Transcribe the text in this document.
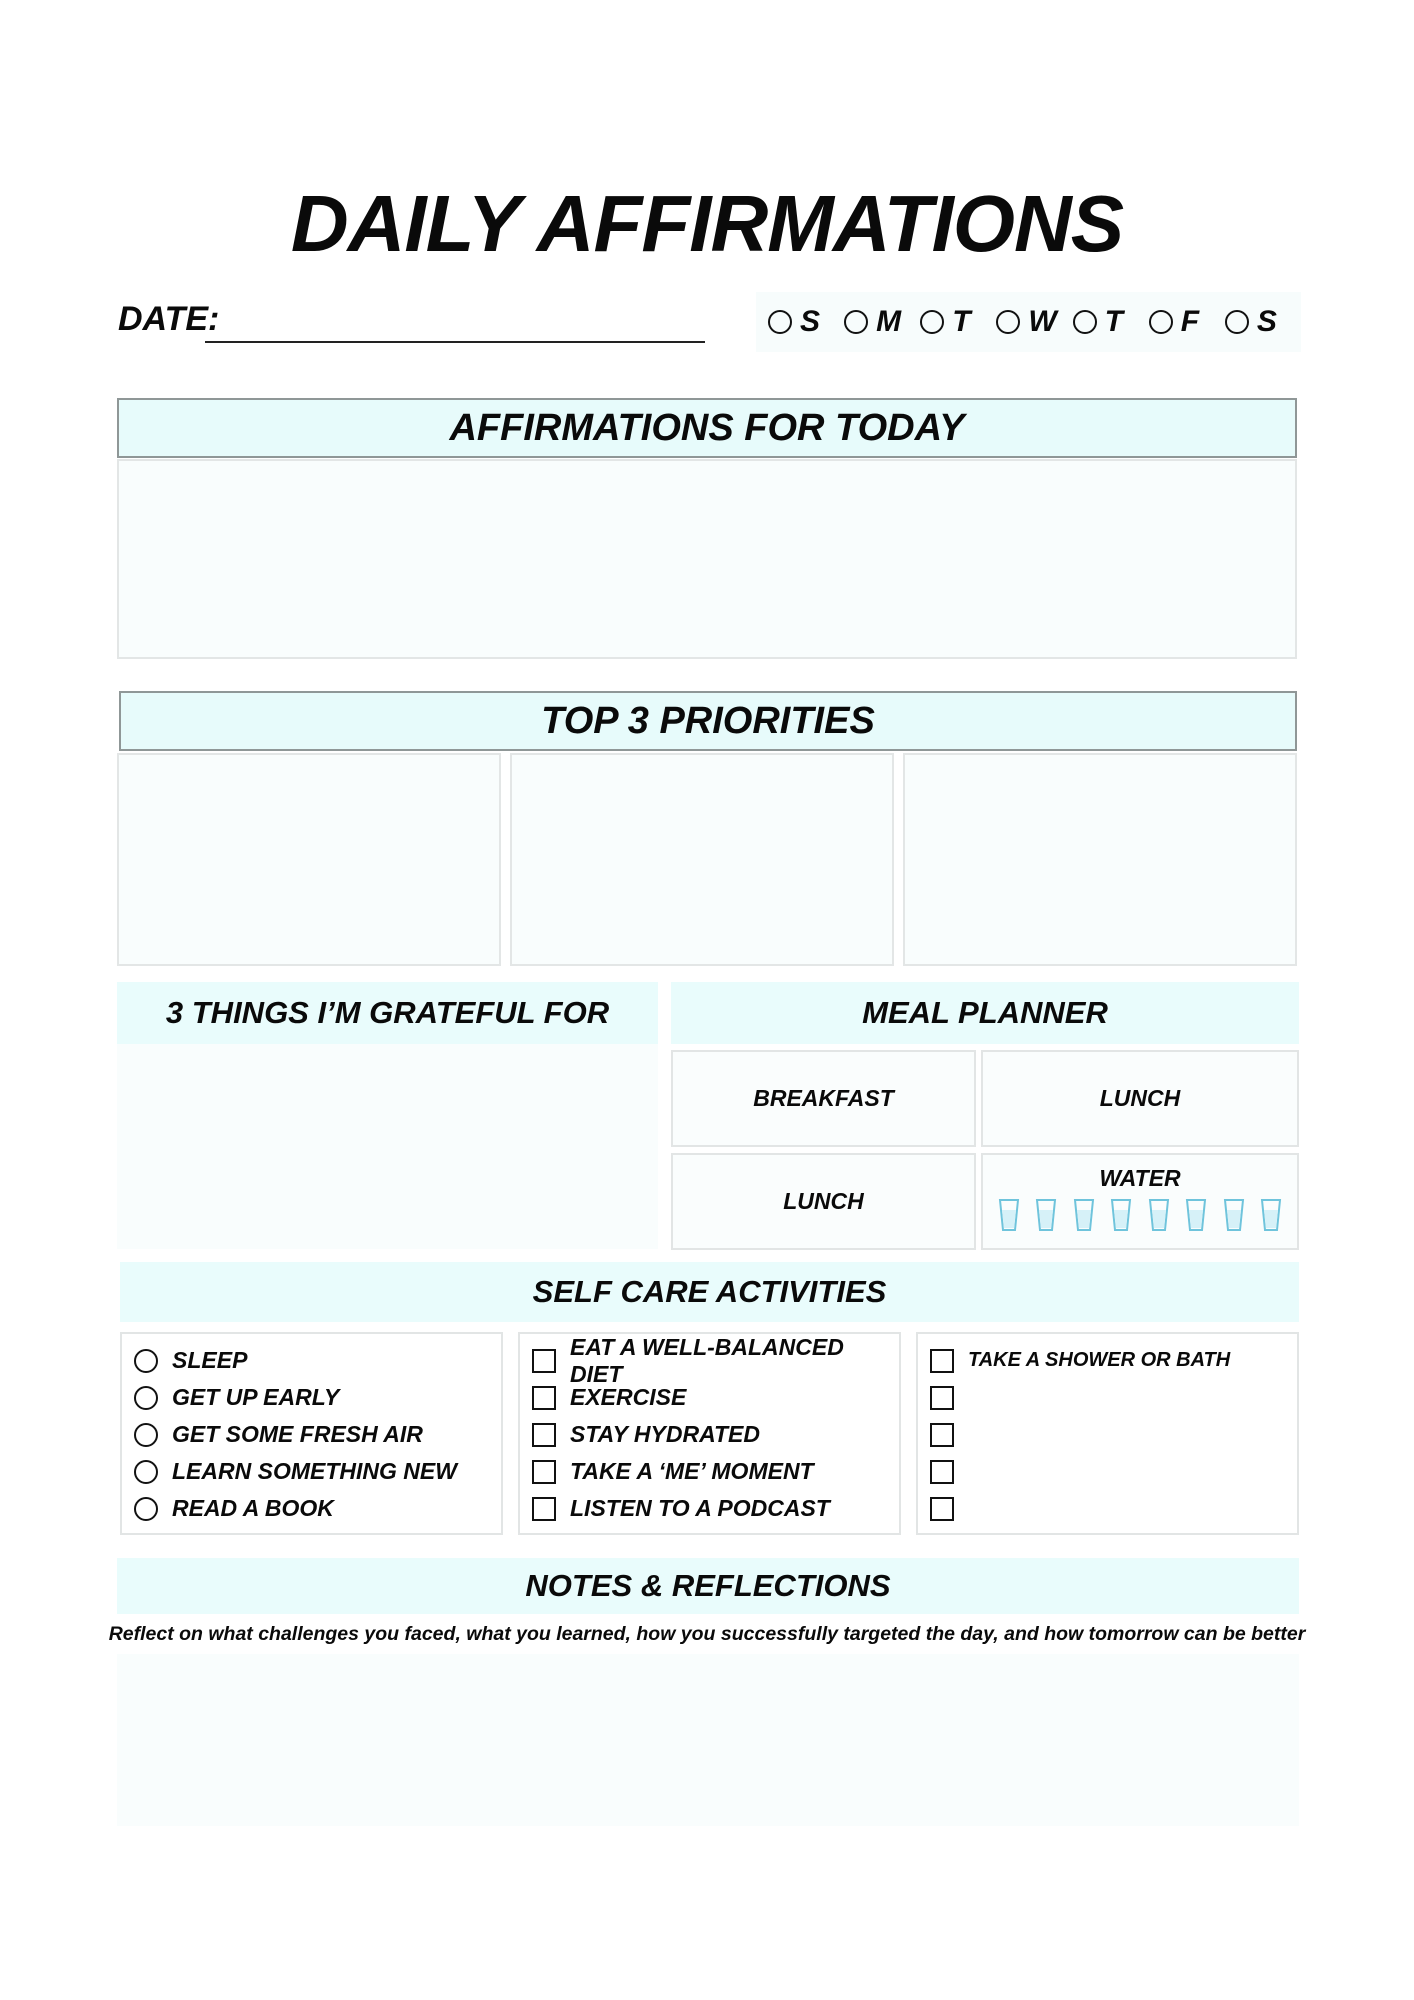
DAILY AFFIRMATIONS
DATE:	S M T W T F S
AFFIRMATIONS FOR TODAY
TOP 3 PRIORITIES
3 THINGS I’M GRATEFUL FOR	MEAL PLANNER
BREAKFAST	LUNCH
LUNCH
WATER
SELF CARE ACTIVITIES
SLEEP
GET UP EARLY
GET SOME FRESH AIR
LEARN SOMETHING NEW
READ A BOOK
EAT A WELL-BALANCED DIET
EXERCISE
STAY HYDRATED
TAKE A ‘ME’ MOMENT
LISTEN TO A PODCAST
TAKE A SHOWER OR BATH
NOTES & REFLECTIONS
Reflect on what challenges you faced, what you learned, how you successfully targeted the day, and how tomorrow can be better
